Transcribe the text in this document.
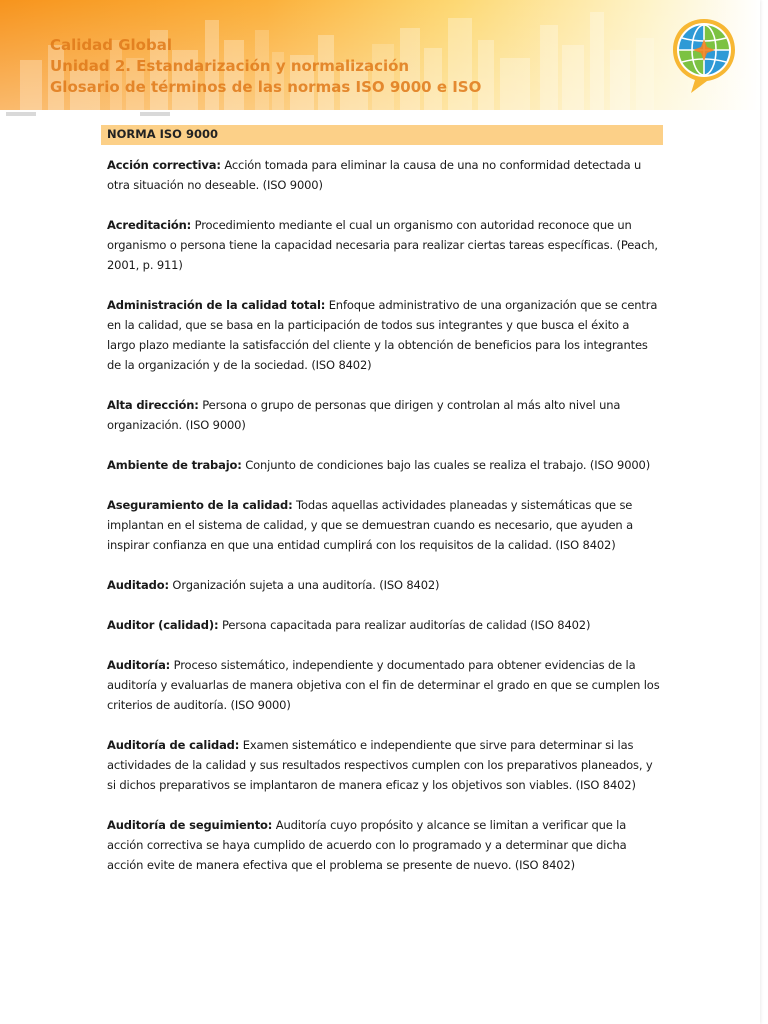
Calidad Global
Unidad 2. Estandarización y normalización
Glosario de términos de las normas ISO 9000 e ISO
NORMA ISO 9000

Acción correctiva: Acción tomada para eliminar la causa de una no conformidad detectada u otra situación no deseable. (ISO 9000)

Acreditación: Procedimiento mediante el cual un organismo con autoridad reconoce que un organismo o persona tiene la capacidad necesaria para realizar ciertas tareas específicas. (Peach, 2001, p. 911)

Administración de la calidad total: Enfoque administrativo de una organización que se centra en la calidad, que se basa en la participación de todos sus integrantes y que busca el éxito a largo plazo mediante la satisfacción del cliente y la obtención de beneficios para los integrantes de la organización y de la sociedad. (ISO 8402)

Alta dirección: Persona o grupo de personas que dirigen y controlan al más alto nivel una organización. (ISO 9000)

Ambiente de trabajo: Conjunto de condiciones bajo las cuales se realiza el trabajo. (ISO 9000)

Aseguramiento de la calidad: Todas aquellas actividades planeadas y sistemáticas que se implantan en el sistema de calidad, y que se demuestran cuando es necesario, que ayuden a inspirar confianza en que una entidad cumplirá con los requisitos de la calidad. (ISO 8402)

Auditado: Organización sujeta a una auditoría. (ISO 8402)

Auditor (calidad): Persona capacitada para realizar auditorías de calidad (ISO 8402)

Auditoría: Proceso sistemático, independiente y documentado para obtener evidencias de la auditoría y evaluarlas de manera objetiva con el fin de determinar el grado en que se cumplen los criterios de auditoría. (ISO 9000)

Auditoría de calidad: Examen sistemático e independiente que sirve para determinar si las actividades de la calidad y sus resultados respectivos cumplen con los preparativos planeados, y si dichos preparativos se implantaron de manera eficaz y los objetivos son viables. (ISO 8402)

Auditoría de seguimiento: Auditoría cuyo propósito y alcance se limitan a verificar que la acción correctiva se haya cumplido de acuerdo con lo programado y a determinar que dicha acción evite de manera efectiva que el problema se presente de nuevo. (ISO 8402)
